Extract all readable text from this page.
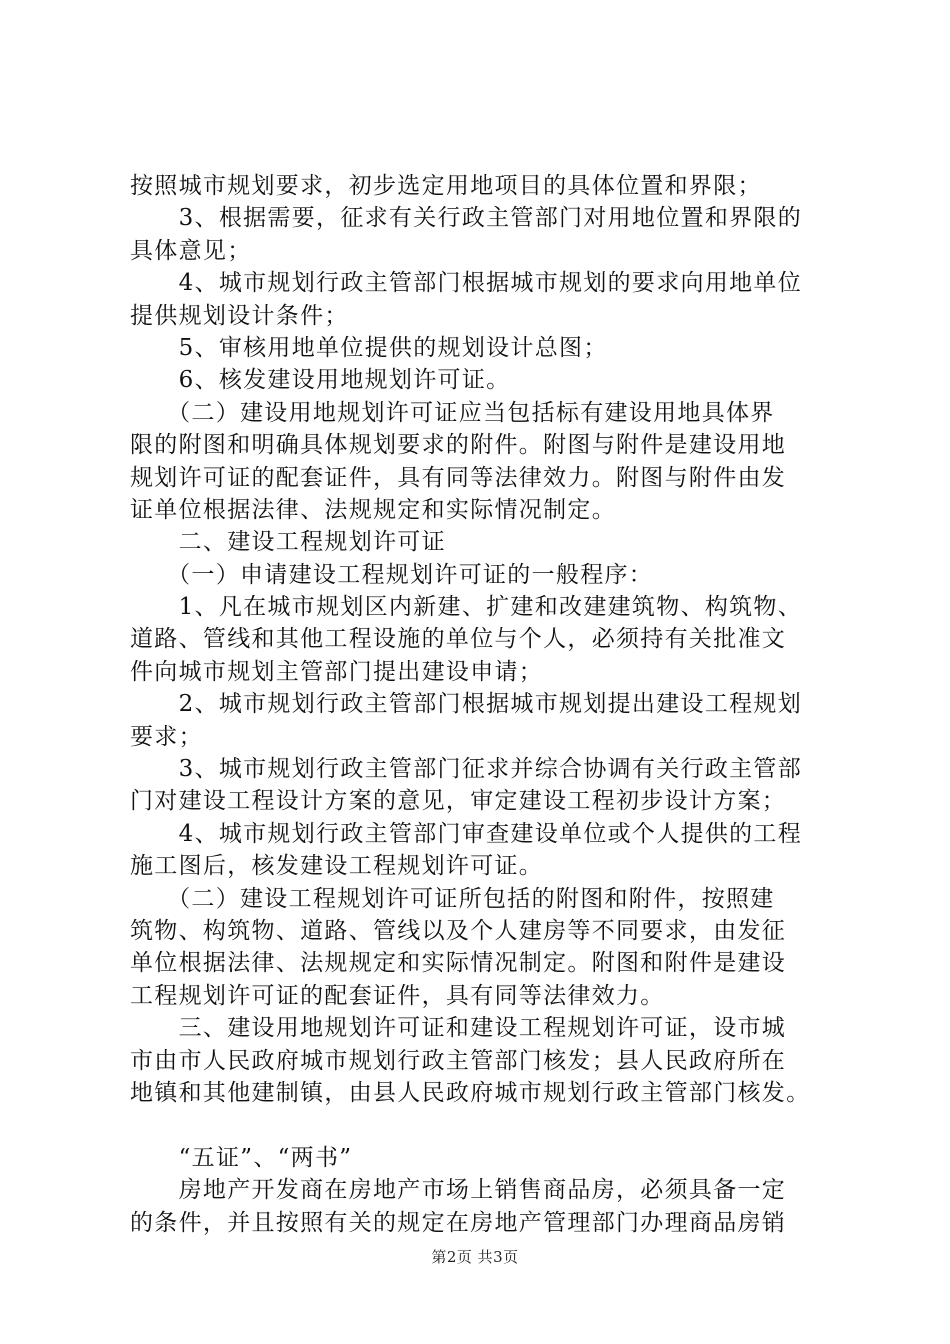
按照城市规划要求，初步选定用地项目的具体位置和界限；
　　3、根据需要，征求有关行政主管部门对用地位置和界限的
具体意见；
　　4、城市规划行政主管部门根据城市规划的要求向用地单位
提供规划设计条件；
　　5、审核用地单位提供的规划设计总图；
　　6、核发建设用地规划许可证。
　　（二）建设用地规划许可证应当包括标有建设用地具体界
限的附图和明确具体规划要求的附件。附图与附件是建设用地
规划许可证的配套证件，具有同等法律效力。附图与附件由发
证单位根据法律、法规规定和实际情况制定。
　　二、建设工程规划许可证
　　（一）申请建设工程规划许可证的一般程序：
　　1、凡在城市规划区内新建、扩建和改建建筑物、构筑物、
道路、管线和其他工程设施的单位与个人，必须持有关批准文
件向城市规划主管部门提出建设申请；
　　2、城市规划行政主管部门根据城市规划提出建设工程规划
要求；
　　3、城市规划行政主管部门征求并综合协调有关行政主管部
门对建设工程设计方案的意见，审定建设工程初步设计方案；
　　4、城市规划行政主管部门审查建设单位或个人提供的工程
施工图后，核发建设工程规划许可证。
　　（二）建设工程规划许可证所包括的附图和附件，按照建
筑物、构筑物、道路、管线以及个人建房等不同要求，由发征
单位根据法律、法规规定和实际情况制定。附图和附件是建设
工程规划许可证的配套证件，具有同等法律效力。
　　三、建设用地规划许可证和建设工程规划许可证，设市城
市由市人民政府城市规划行政主管部门核发；县人民政府所在
地镇和其他建制镇，由县人民政府城市规划行政主管部门核发。
　　“五证”、“两书”
　　房地产开发商在房地产市场上销售商品房，必须具备一定
的条件，并且按照有关的规定在房地产管理部门办理商品房销
第2页 共3页
